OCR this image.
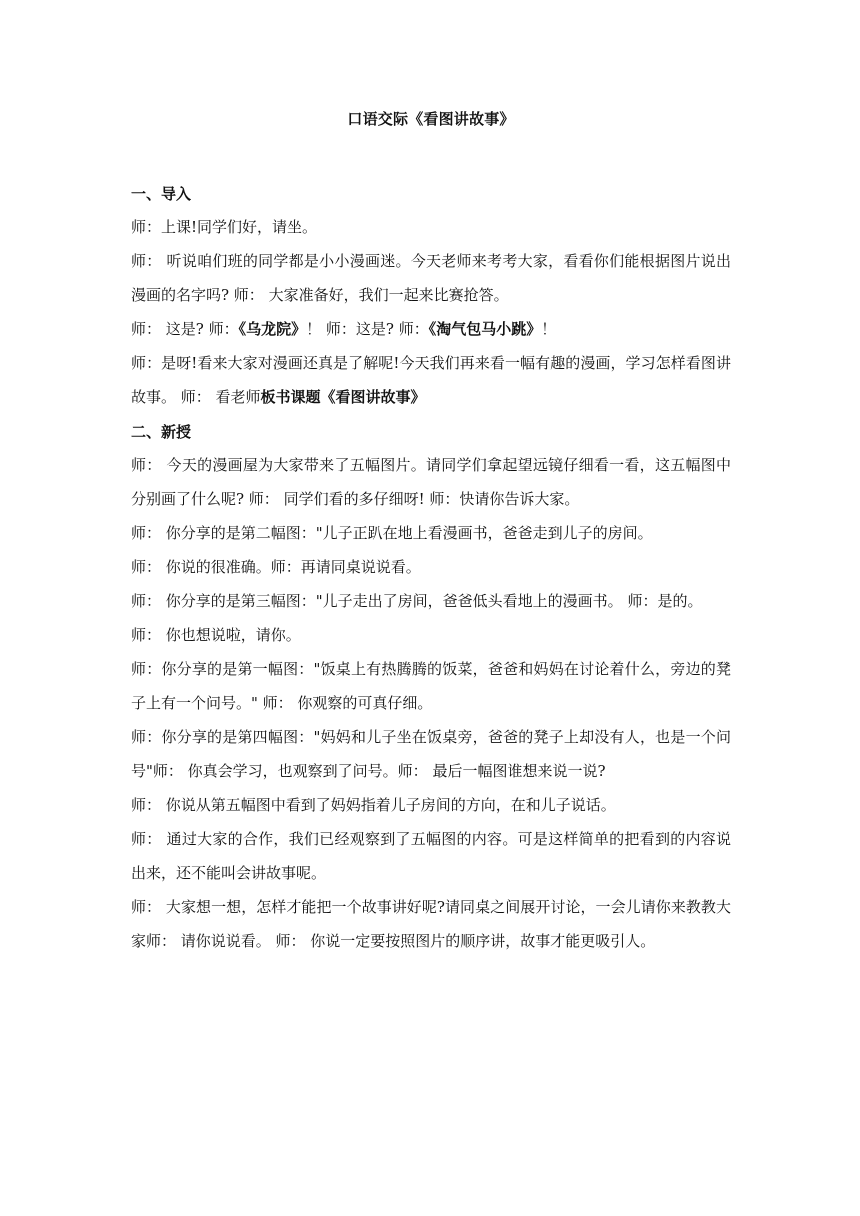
口语交际《看图讲故事》
一、导入

师：上课!同学们好，请坐。

师： 听说咱们班的同学都是小小漫画迷。今天老师来考考大家，看看你们能根据图片说出漫画的名字吗? 师： 大家准备好，我们一起来比赛抢答。

师： 这是? 师：《乌龙院》！ 师：这是? 师：《淘气包马小跳》！

师：是呀!看来大家对漫画还真是了解呢!今天我们再来看一幅有趣的漫画，学习怎样看图讲故事。 师： 看老师板书课题《看图讲故事》

二、新授

师： 今天的漫画屋为大家带来了五幅图片。请同学们拿起望远镜仔细看一看，这五幅图中分别画了什么呢? 师： 同学们看的多仔细呀! 师：快请你告诉大家。

师： 你分享的是第二幅图："儿子正趴在地上看漫画书，爸爸走到儿子的房间。

师： 你说的很准确。师：再请同桌说说看。

师： 你分享的是第三幅图："儿子走出了房间，爸爸低头看地上的漫画书。 师：是的。

师： 你也想说啦，请你。

师：你分享的是第一幅图："饭桌上有热腾腾的饭菜，爸爸和妈妈在讨论着什么，旁边的凳子上有一个问号。" 师： 你观察的可真仔细。

师：你分享的是第四幅图："妈妈和儿子坐在饭桌旁，爸爸的凳子上却没有人，也是一个问号"师： 你真会学习，也观察到了问号。师： 最后一幅图谁想来说一说?

师： 你说从第五幅图中看到了妈妈指着儿子房间的方向，在和儿子说话。

师： 通过大家的合作，我们已经观察到了五幅图的内容。可是这样简单的把看到的内容说出来，还不能叫会讲故事呢。

师： 大家想一想，怎样才能把一个故事讲好呢?请同桌之间展开讨论，一会儿请你来教教大家师： 请你说说看。 师： 你说一定要按照图片的顺序讲，故事才能更吸引人。
